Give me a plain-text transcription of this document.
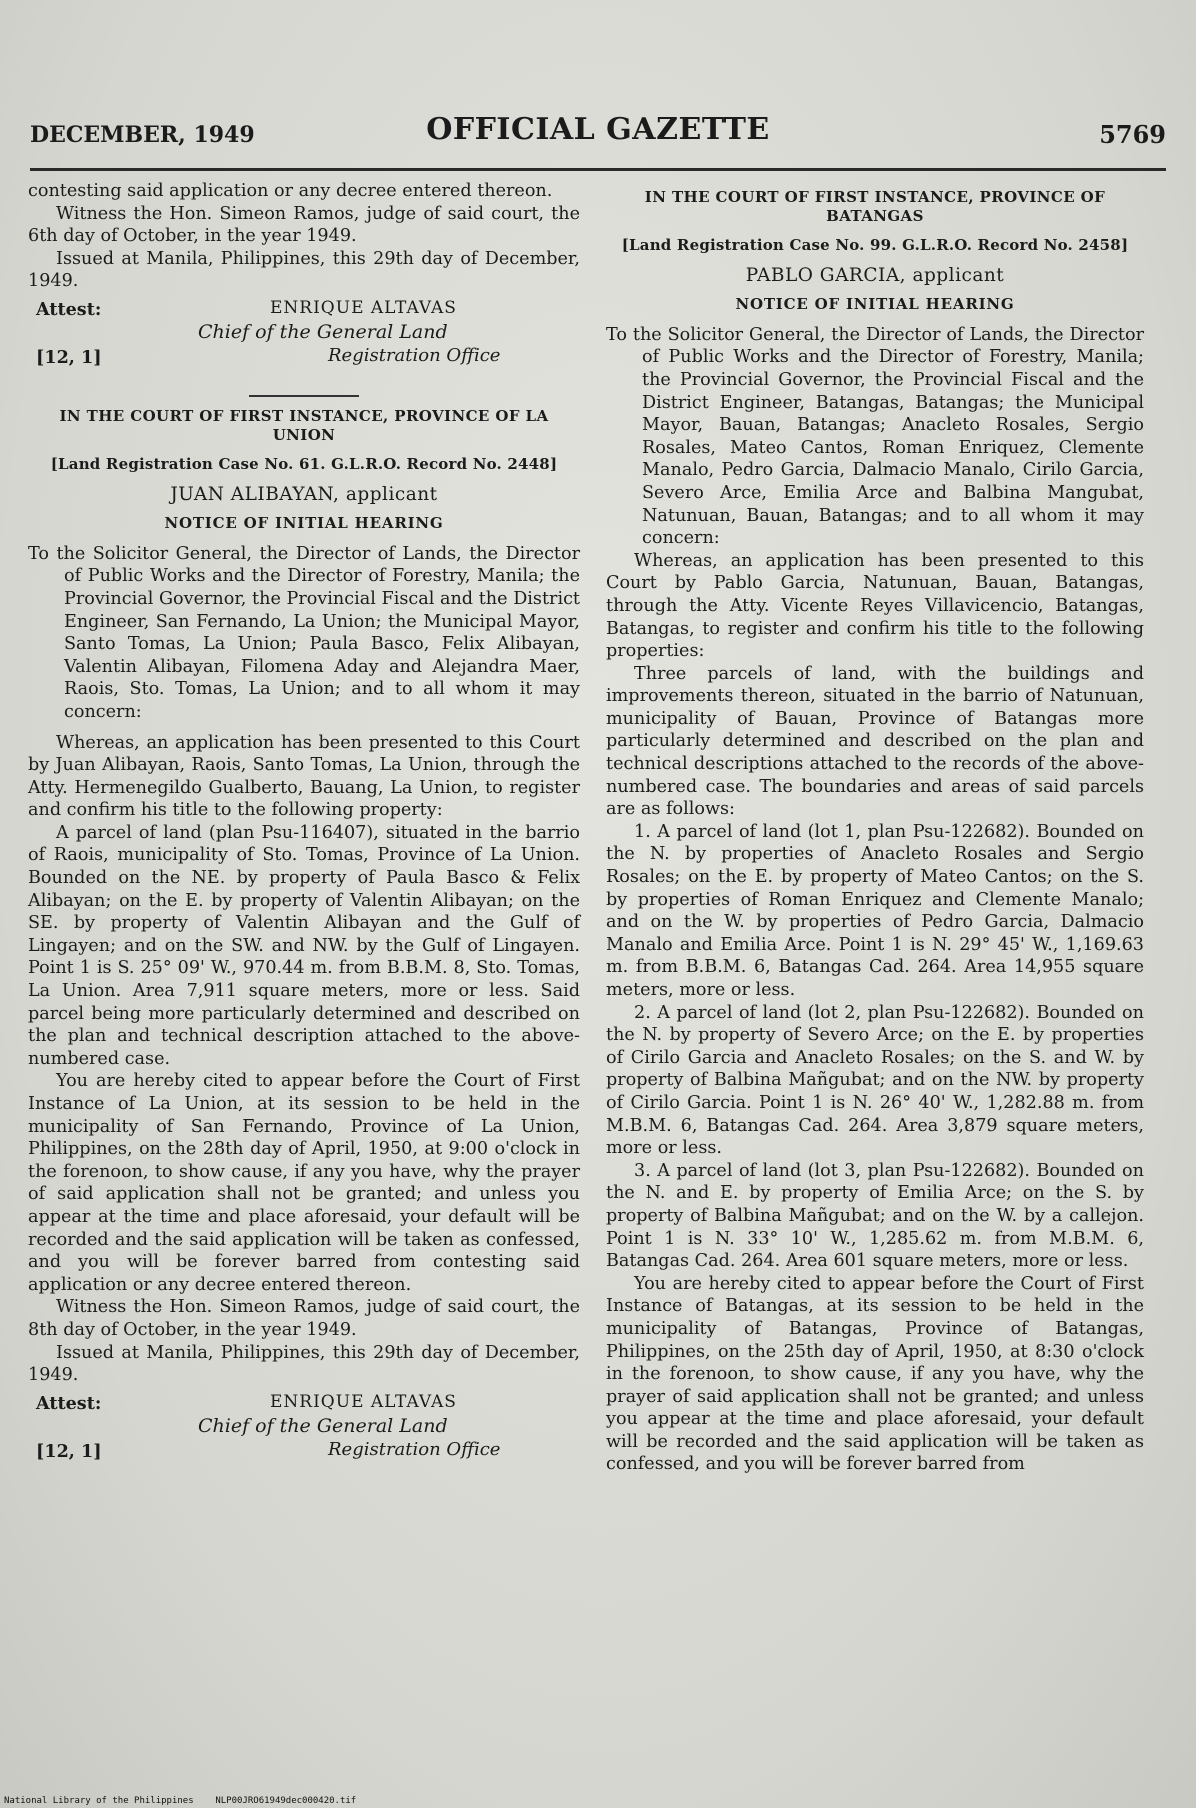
DECEMBER, 1949	OFFICIAL GAZETTE	5769

contesting said application or any decree entered thereon.

Witness the Hon. Simeon Ramos, judge of said court, the 6th day of October, in the year 1949.

Issued at Manila, Philippines, this 29th day of December, 1949.

Attest:	ENRIQUE ALTAVAS
Chief of the General Land
Registration Office
[12, 1]
IN THE COURT OF FIRST INSTANCE, PROVINCE OF LA UNION
[Land Registration Case No. 61. G.L.R.O. Record No. 2448]
JUAN ALIBAYAN, applicant
NOTICE OF INITIAL HEARING

To the Solicitor General, the Director of Lands, the Director of Public Works and the Director of Forestry, Manila; the Provincial Governor, the Provincial Fiscal and the District Engineer, San Fernando, La Union; the Municipal Mayor, Santo Tomas, La Union; Paula Basco, Felix Alibayan, Valentin Alibayan, Filomena Aday and Alejandra Maer, Raois, Sto. Tomas, La Union; and to all whom it may concern:

Whereas, an application has been presented to this Court by Juan Alibayan, Raois, Santo Tomas, La Union, through the Atty. Hermenegildo Gualberto, Bauang, La Union, to register and confirm his title to the following property:

A parcel of land (plan Psu-116407), situated in the barrio of Raois, municipality of Sto. Tomas, Province of La Union. Bounded on the NE. by property of Paula Basco & Felix Alibayan; on the E. by property of Valentin Alibayan; on the SE. by property of Valentin Alibayan and the Gulf of Lingayen; and on the SW. and NW. by the Gulf of Lingayen. Point 1 is S. 25° 09' W., 970.44 m. from B.B.M. 8, Sto. Tomas, La Union. Area 7,911 square meters, more or less. Said parcel being more particularly determined and described on the plan and technical description attached to the above-numbered case.

You are hereby cited to appear before the Court of First Instance of La Union, at its session to be held in the municipality of San Fernando, Province of La Union, Philippines, on the 28th day of April, 1950, at 9:00 o'clock in the forenoon, to show cause, if any you have, why the prayer of said application shall not be granted; and unless you appear at the time and place aforesaid, your default will be recorded and the said application will be taken as confessed, and you will be forever barred from contesting said application or any decree entered thereon.

Witness the Hon. Simeon Ramos, judge of said court, the 8th day of October, in the year 1949.

Issued at Manila, Philippines, this 29th day of December, 1949.

Attest:	ENRIQUE ALTAVAS
Chief of the General Land
Registration Office
[12, 1]
IN THE COURT OF FIRST INSTANCE, PROVINCE OF BATANGAS
[Land Registration Case No. 99. G.L.R.O. Record No. 2458]
PABLO GARCIA, applicant
NOTICE OF INITIAL HEARING

To the Solicitor General, the Director of Lands, the Director of Public Works and the Director of Forestry, Manila; the Provincial Governor, the Provincial Fiscal and the District Engineer, Batangas, Batangas; the Municipal Mayor, Bauan, Batangas; Anacleto Rosales, Sergio Rosales, Mateo Cantos, Roman Enriquez, Clemente Manalo, Pedro Garcia, Dalmacio Manalo, Cirilo Garcia, Severo Arce, Emilia Arce and Balbina Mangubat, Natunuan, Bauan, Batangas; and to all whom it may concern:

Whereas, an application has been presented to this Court by Pablo Garcia, Natunuan, Bauan, Batangas, through the Atty. Vicente Reyes Villavicencio, Batangas, Batangas, to register and confirm his title to the following properties:

Three parcels of land, with the buildings and improvements thereon, situated in the barrio of Natunuan, municipality of Bauan, Province of Batangas more particularly determined and described on the plan and technical descriptions attached to the records of the above-numbered case. The boundaries and areas of said parcels are as follows:

1. A parcel of land (lot 1, plan Psu-122682). Bounded on the N. by properties of Anacleto Rosales and Sergio Rosales; on the E. by property of Mateo Cantos; on the S. by properties of Roman Enriquez and Clemente Manalo; and on the W. by properties of Pedro Garcia, Dalmacio Manalo and Emilia Arce. Point 1 is N. 29° 45' W., 1,169.63 m. from B.B.M. 6, Batangas Cad. 264. Area 14,955 square meters, more or less.

2. A parcel of land (lot 2, plan Psu-122682). Bounded on the N. by property of Severo Arce; on the E. by properties of Cirilo Garcia and Anacleto Rosales; on the S. and W. by property of Balbina Mañgubat; and on the NW. by property of Cirilo Garcia. Point 1 is N. 26° 40' W., 1,282.88 m. from M.B.M. 6, Batangas Cad. 264. Area 3,879 square meters, more or less.

3. A parcel of land (lot 3, plan Psu-122682). Bounded on the N. and E. by property of Emilia Arce; on the S. by property of Balbina Mañgubat; and on the W. by a callejon. Point 1 is N. 33° 10' W., 1,285.62 m. from M.B.M. 6, Batangas Cad. 264. Area 601 square meters, more or less.

You are hereby cited to appear before the Court of First Instance of Batangas, at its session to be held in the municipality of Batangas, Province of Batangas, Philippines, on the 25th day of April, 1950, at 8:30 o'clock in the forenoon, to show cause, if any you have, why the prayer of said application shall not be granted; and unless you appear at the time and place aforesaid, your default will be recorded and the said application will be taken as confessed, and you will be forever barred from

National Library of the Philippines NLP00JRO61949dec000420.tif
